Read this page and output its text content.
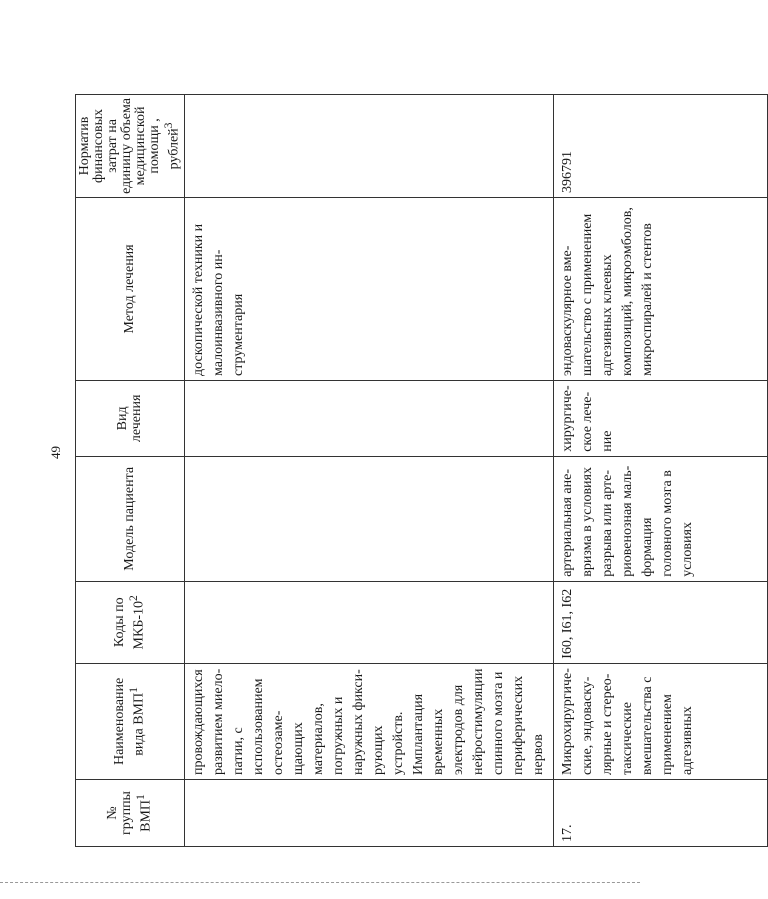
49
№ группы ВМП$^1$	Наименование вида ВМП$^1$	Коды по МКБ-$10^2$	Модель пациента	Вид лечения	Метод лечения	Норматив финансовых затрат на единицу объема медицинской помощи , рублей$^3$
	провождающихся развитием миелопатии, с использованием остеозамещающих материалов, погружных и наружных фиксирующих устройств. Имплантация временных электродов для нейростимуляции спинного мозга и периферических нервов				доскопической техники и малоинвазивного инструментария	
17.	Микрохирургические, эндоваскулярные и стереотаксические вмешательства с применением адгезивных	I60, I61, I62	артериальная аневризма в условиях разрыва или артериовенозная мальформация головного мозга в условиях	хирургическое лечение	эндоваскулярное вмешательство с применением адгезивных клеевых композиций, микроэмболов, микроспиралей и стентов	396791
